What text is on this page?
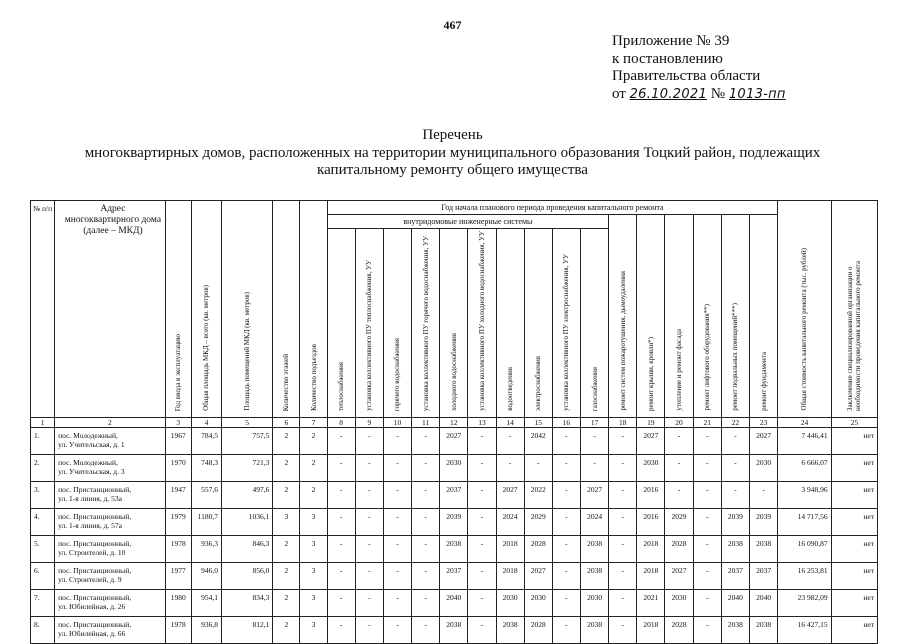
467
Приложение № 39
к постановлению
Правительства области
от 26.10.2021 № 1013-пп
Перечень
многоквартирных домов, расположенных на территории муниципального образования Тоцкий район, подлежащих капитальному ремонту общего имущества
№ п/п	Адрес многоквартирного дома (далее – МКД)	Год ввода в эксплуатацию	Общая площадь МКД – всего (кв. метров)	Площадь помещений МКД (кв. метров)	Количество этажей	Количество подъездов	Год начала планового периода проведения капитального ремонта																Общая стоимость капитального ремонта (тыс. рублей)	Заключение специализированной организации о необходимости проведения капитального ремонта
							внутридомовые инженерные системы										ремонт систем пожаротушения, дымоудаления	ремонт крыши, кровли*)	утепление и ремонт фасада	ремонт лифтового оборудования**)	ремонт подвальных помещений***)	ремонт фундамента		
							теплоснабжения	установка коллективного ПУ теплоснабжения, УУ	горячего водоснабжения	установка коллективного ПУ горячего водоснабжения, УУ	холодного водоснабжения	установка коллективного ПУ холодного водоснабжения, УУ	водоотведения	электроснабжения	установка коллективного ПУ электроснабжения, УУ	газоснабжения								
1	2	3	4	5	6	7	8	9	10	11	12	13	14	15	16	17	18	19	20	21	22	23	24	25
1.	пос. Молодежный,
ул. Учительская, д. 1	1967	784,5	757,5	2	2	-	-	-	-	2027	-	-	2042	-	-	-	2027	-	-	-	2027	7 446,41	нет
2.	пос. Молодежный,
ул. Учительская, д. 3	1970	748,3	721,3	2	2	-	-	-	-	2030	-	-	-	-	-	-	2030	-	-	-	2030	6 666,07	нет
3.	пос. Пристанционный,
ул. 1-я линия, д. 53а	1947	557,6	497,6	2	2	-	-	-	-	2037	-	2027	2022	-	2027	-	2016	-	-	-	-	3 948,96	нет
4.	пос. Пристанционный,
ул. 1-я линия, д. 57а	1979	1180,7	1036,1	3	3	-	-	-	-	2039	-	2024	2029	-	2024	-	2016	2029	-	2039	2039	14 717,56	нет
5.	пос. Пристанционный,
ул. Строителей, д. 10	1978	936,3	846,3	2	3	-	-	-	-	2038	-	2018	2028	-	2038	-	2018	2028	-	2038	2038	16 090,87	нет
6.	пос. Пристанционный,
ул. Строителей, д. 9	1977	946,0	856,0	2	3	-	-	-	-	2037	-	2018	2027	-	2038	-	2018	2027	-	2037	2037	16 253,81	нет
7.	пос. Пристанционный,
ул. Юбилейная, д. 26	1980	954,1	834,3	2	3	-	-	-	-	2040	-	2030	2030	-	2030	-	2021	2030	-	2040	2040	23 982,09	нет
8.	пос. Пристанционный,
ул. Юбилейная, д. 66	1978	936,8	812,1	2	3	-	-	-	-	2038	-	2038	2028	-	2038	-	2018	2028	-	2038	2038	16 427,15	нет
